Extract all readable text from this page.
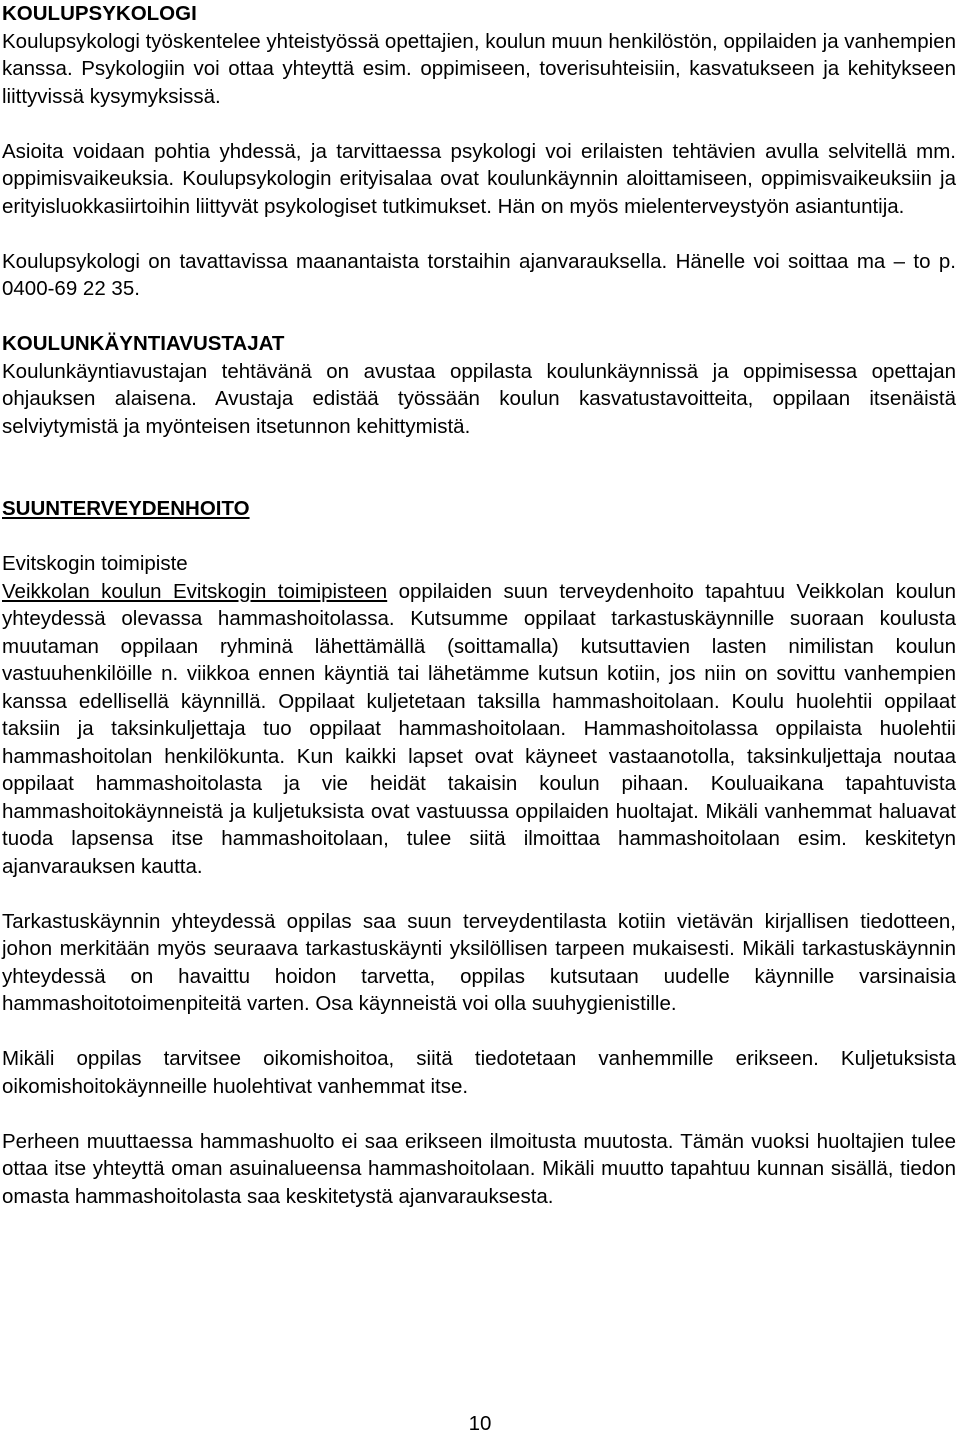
KOULUPSYKOLOGI

Koulupsykologi työskentelee yhteistyössä opettajien, koulun muun henkilöstön, oppilaiden ja vanhempien kanssa. Psykologiin voi ottaa yhteyttä esim. oppimiseen, toverisuhteisiin, kasvatukseen ja kehitykseen liittyvissä kysymyksissä.

Asioita voidaan pohtia yhdessä, ja tarvittaessa psykologi voi erilaisten tehtävien avulla selvitellä mm. oppimisvaikeuksia. Koulupsykologin erityisalaa ovat koulunkäynnin aloittamiseen, oppimisvaikeuksiin ja erityisluokkasiirtoihin liittyvät psykologiset tutkimukset. Hän on myös mielenterveystyön asiantuntija.

Koulupsykologi on tavattavissa maanantaista torstaihin ajanvarauksella. Hänelle voi soittaa ma – to p. 0400-69 22 35.

KOULUNKÄYNTIAVUSTAJAT

Koulunkäyntiavustajan tehtävänä on avustaa oppilasta koulunkäynnissä ja oppimisessa opettajan ohjauksen alaisena. Avustaja edistää työssään koulun kasvatustavoitteita, oppilaan itsenäistä selviytymistä ja myönteisen itsetunnon kehittymistä.

SUUNTERVEYDENHOITO

Evitskogin toimipiste

Veikkolan koulun Evitskogin toimipisteen oppilaiden suun terveydenhoito tapahtuu Veikkolan koulun yhteydessä olevassa hammashoitolassa. Kutsumme oppilaat tarkastuskäynnille suoraan koulusta muutaman oppilaan ryhminä lähettämällä (soittamalla) kutsuttavien lasten nimilistan koulun vastuuhenkilöille n. viikkoa ennen käyntiä tai lähetämme kutsun kotiin, jos niin on sovittu vanhempien kanssa edellisellä käynnillä. Oppilaat kuljetetaan taksilla hammashoitolaan. Koulu huolehtii oppilaat taksiin ja taksinkuljettaja tuo oppilaat hammashoitolaan. Hammashoitolassa oppilaista huolehtii hammashoitolan henkilökunta. Kun kaikki lapset ovat käyneet vastaanotolla, taksinkuljettaja noutaa oppilaat hammashoitolasta ja vie heidät takaisin koulun pihaan. Kouluaikana tapahtuvista hammashoitokäynneistä ja kuljetuksista ovat vastuussa oppilaiden huoltajat. Mikäli vanhemmat haluavat tuoda lapsensa itse hammashoitolaan, tulee siitä ilmoittaa hammashoitolaan esim. keskitetyn ajanvarauksen kautta.

Tarkastuskäynnin yhteydessä oppilas saa suun terveydentilasta kotiin vietävän kirjallisen tiedotteen, johon merkitään myös seuraava tarkastuskäynti yksilöllisen tarpeen mukaisesti. Mikäli tarkastuskäynnin yhteydessä on havaittu hoidon tarvetta, oppilas kutsutaan uudelle käynnille varsinaisia hammashoitotoimenpiteitä varten. Osa käynneistä voi olla suuhygienistille.

Mikäli oppilas tarvitsee oikomishoitoa, siitä tiedotetaan vanhemmille erikseen. Kuljetuksista oikomishoitokäynneille huolehtivat vanhemmat itse.

Perheen muuttaessa hammashuolto ei saa erikseen ilmoitusta muutosta. Tämän vuoksi huoltajien tulee ottaa itse yhteyttä oman asuinalueensa hammashoitolaan. Mikäli muutto tapahtuu kunnan sisällä, tiedon omasta hammashoitolasta saa keskitetystä ajanvarauksesta.

10
